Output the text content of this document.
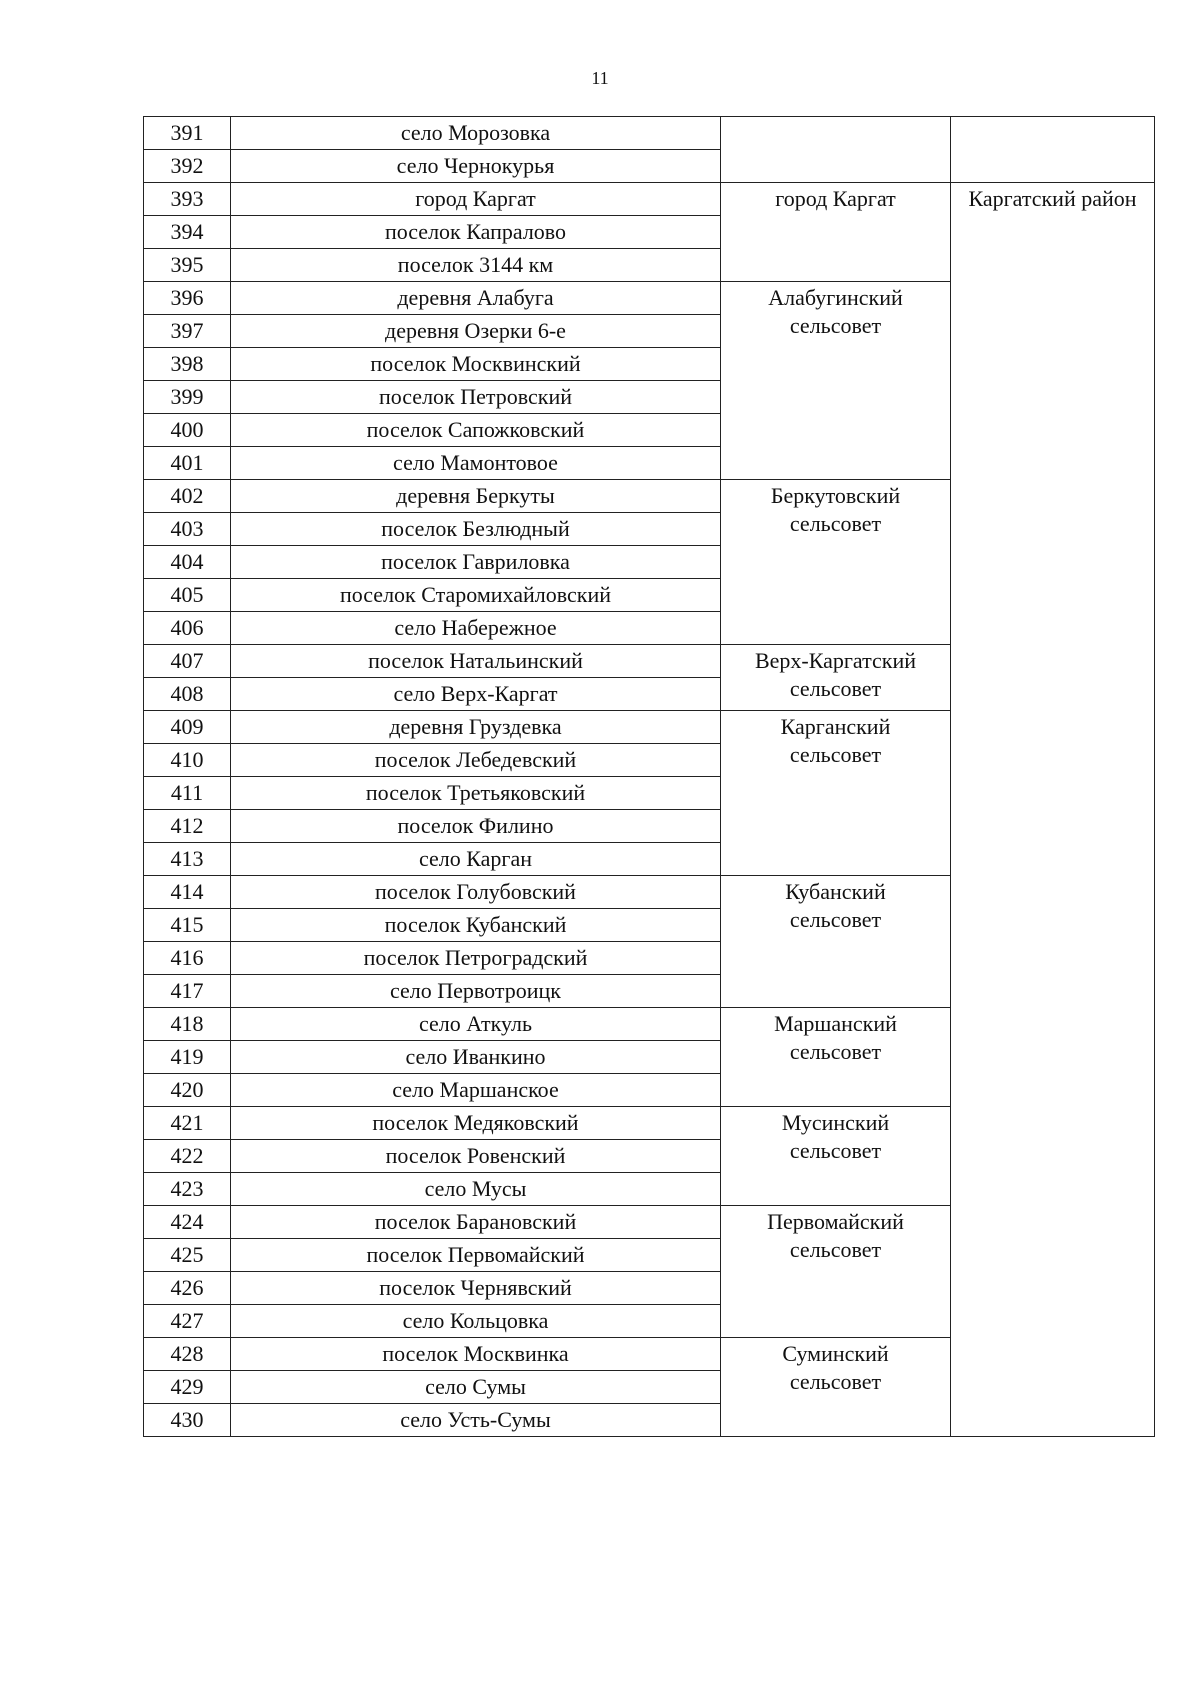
11
391	село Морозовка		
392	село Чернокурья		
393	город Каргат	город Каргат	Каргатский район
394	поселок Капралово		
395	поселок 3144 км		
396	деревня Алабуга	Алабугинский
сельсовет	

397	деревня Озерки 6-е		
398	поселок Москвинский		
399	поселок Петровский		
400	поселок Сапожковский		
401	село Мамонтовое		
402	деревня Беркуты	Беркутовский
сельсовет	

403	поселок Безлюдный		
404	поселок Гавриловка		
405	поселок Старомихайловский		
406	село Набережное		
407	поселок Натальинский	Верх-Каргатский
сельсовет	

408	село Верх-Каргат		
409	деревня Груздевка	Карганский
сельсовет	

410	поселок Лебедевский		
411	поселок Третьяковский		
412	поселок Филино		
413	село Карган		
414	поселок Голубовский	Кубанский
сельсовет	

415	поселок Кубанский		
416	поселок Петроградский		
417	село Первотроицк		
418	село Аткуль	Маршанский
сельсовет	

419	село Иванкино		
420	село Маршанское		
421	поселок Медяковский	Мусинский
сельсовет	

422	поселок Ровенский		
423	село Мусы		
424	поселок Барановский	Первомайский
сельсовет	

425	поселок Первомайский		
426	поселок Чернявский		
427	село Кольцовка		
428	поселок Москвинка	Суминский
сельсовет	

429	село Сумы		
430	село Усть-Сумы		
